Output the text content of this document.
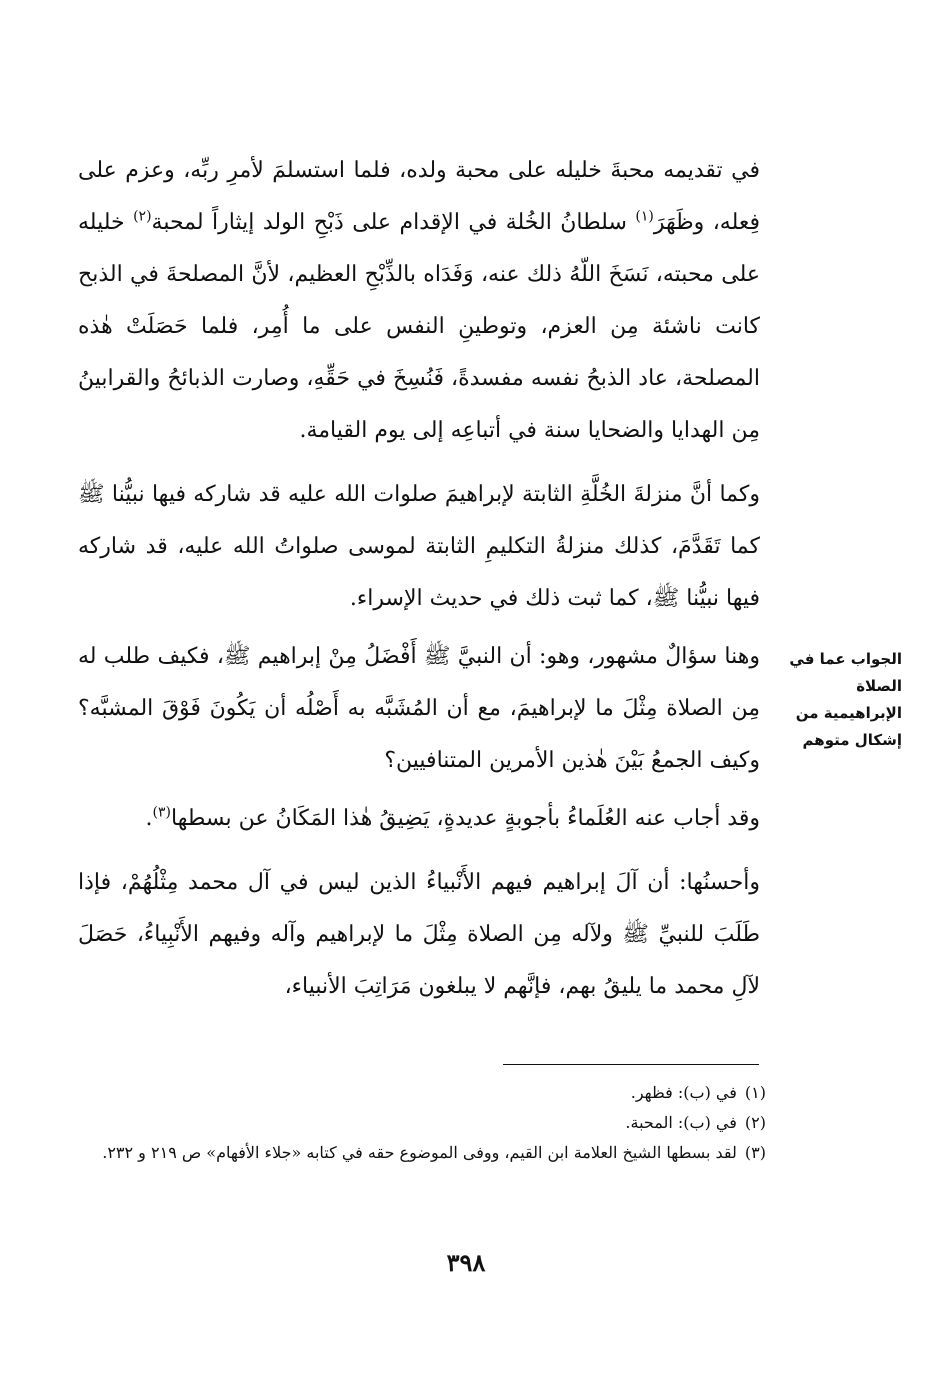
في تقديمه محبةَ خليله على محبة ولده، فلما استسلمَ لأمرِ ربِّه، وعزم على فِعله، وظَهَرَ$^{(١)}$ سلطانُ الخُلة في الإقدام على ذَبْحِ الولد إيثاراً لمحبة$^{(٢)}$ خليله على محبته، نَسَخَ اللّهُ ذلك عنه، وَفَدَاه بالذِّبْحِ العظيم، لأنَّ المصلحةَ في الذبح كانت ناشئة مِن العزم، وتوطينِ النفس على ما أُمِر، فلما حَصَلَتْ هٰذه المصلحة، عاد الذبحُ نفسه مفسدةً، فَنُسِخَ في حَقِّهِ، وصارت الذبائحُ والقرابينُ مِن الهدايا والضحايا سنة في أتباعِه إلى يوم القيامة.

وكما أنَّ منزلةَ الخُلَّةِ الثابتة لإبراهيمَ صلوات الله عليه قد شاركه فيها نبيُّنا ﷺ كما تَقَدَّمَ، كذلك منزلةُ التكليمِ الثابتة لموسى صلواتُ الله عليه، قد شاركه فيها نبيُّنا ﷺ، كما ثبت ذلك في حديث الإسراء.

وهنا سؤالٌ مشهور، وهو: أن النبيَّ ﷺ أَفْضَلُ مِنْ إبراهيم ﷺ، فكيف طلب له مِن الصلاة مِثْلَ ما لإبراهيمَ، مع أن المُشَبَّه به أَصْلُه أن يَكُونَ فَوْقَ المشبَّه؟ وكيف الجمعُ بَيْنَ هٰذين الأمرين المتنافيين؟

وقد أجاب عنه العُلَماءُ بأجوبةٍ عديدةٍ، يَضِيقُ هٰذا المَكَانُ عن بسطها$^{(٣)}$.

وأحسنُها: أن آلَ إبراهيم فيهم الأَنْبياءُ الذين ليس في آل محمد مِثْلُهُمْ، فإذا طَلَبَ للنبيِّ ﷺ ولآله مِن الصلاة مِثْلَ ما لإبراهيم وآله وفيهم الأَنْبِياءُ، حَصَلَ لآلِ محمد ما يليقُ بهم، فإنَّهم لا يبلغون مَرَاتِبَ الأنبياء،

الجواب عما في الصلاة الإبراهيمية من إشكال متوهم

(١)في (ب): فظهر.

(٢)في (ب): المحبة.

(٣)لقد بسطها الشيخ العلامة ابن القيم، ووفى الموضوع حقه في كتابه «جلاء الأفهام» ص ٢١٩ و ٢٣٢.

٣٩٨
